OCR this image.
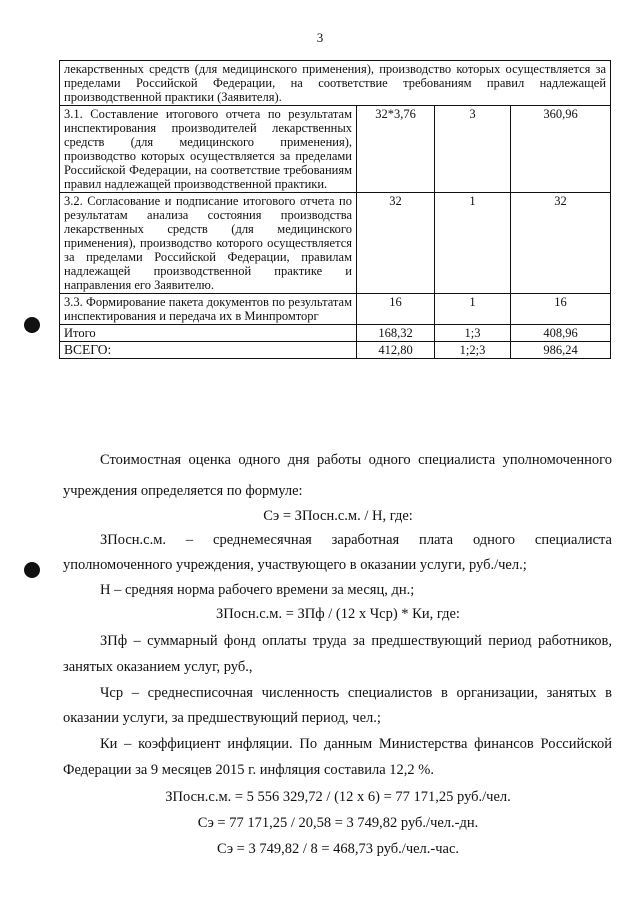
3
лекарственных средств (для медицинского применения), производство которых осуществляется за пределами Российской Федерации, на соответствие требованиям правил надлежащей производственной практики (Заявителя).			
3.1. Составление итогового отчета по результатам инспектирования производителей лекарственных средств (для медицинского применения), производство которых осуществляется за пределами Российской Федерации, на соответствие требованиям правил надлежащей производственной практики.	32*3,76	3	360,96
3.2. Согласование и подписание итогового отчета по результатам анализа состояния производства лекарственных средств (для медицинского применения), производство которого осуществляется за пределами Российской Федерации, правилам надлежащей производственной практике и направления его Заявителю.	32	1	32
3.3. Формирование пакета документов по результатам инспектирования и передача их в Минпромторг	16	1	16
Итого	168,32	1;3	408,96
ВСЕГО:	412,80	1;2;3	986,24
Стоимостная оценка одного дня работы одного специалиста уполномоченного
учреждения определяется по формуле:
Сэ = ЗПосн.с.м. / Н, где:
ЗПосн.с.м. – среднемесячная заработная плата одного специалиста
уполномоченного учреждения, участвующего в оказании услуги, руб./чел.;
Н – средняя норма рабочего времени за месяц, дн.;
ЗПосн.с.м. = ЗПф / (12 х Чср) * Ки, где:
ЗПф – суммарный фонд оплаты труда за предшествующий период работников,
занятых оказанием услуг, руб.,
Чср – среднесписочная численность специалистов в организации, занятых в
оказании услуги, за предшествующий период, чел.;
Ки – коэффициент инфляции. По данным Министерства финансов Российской
Федерации за 9 месяцев 2015 г. инфляция составила 12,2 %.
ЗПосн.с.м. = 5 556 329,72 / (12 х 6) = 77 171,25 руб./чел.
Сэ = 77 171,25 / 20,58 = 3 749,82 руб./чел.-дн.
Сэ = 3 749,82 / 8 = 468,73 руб./чел.-час.
